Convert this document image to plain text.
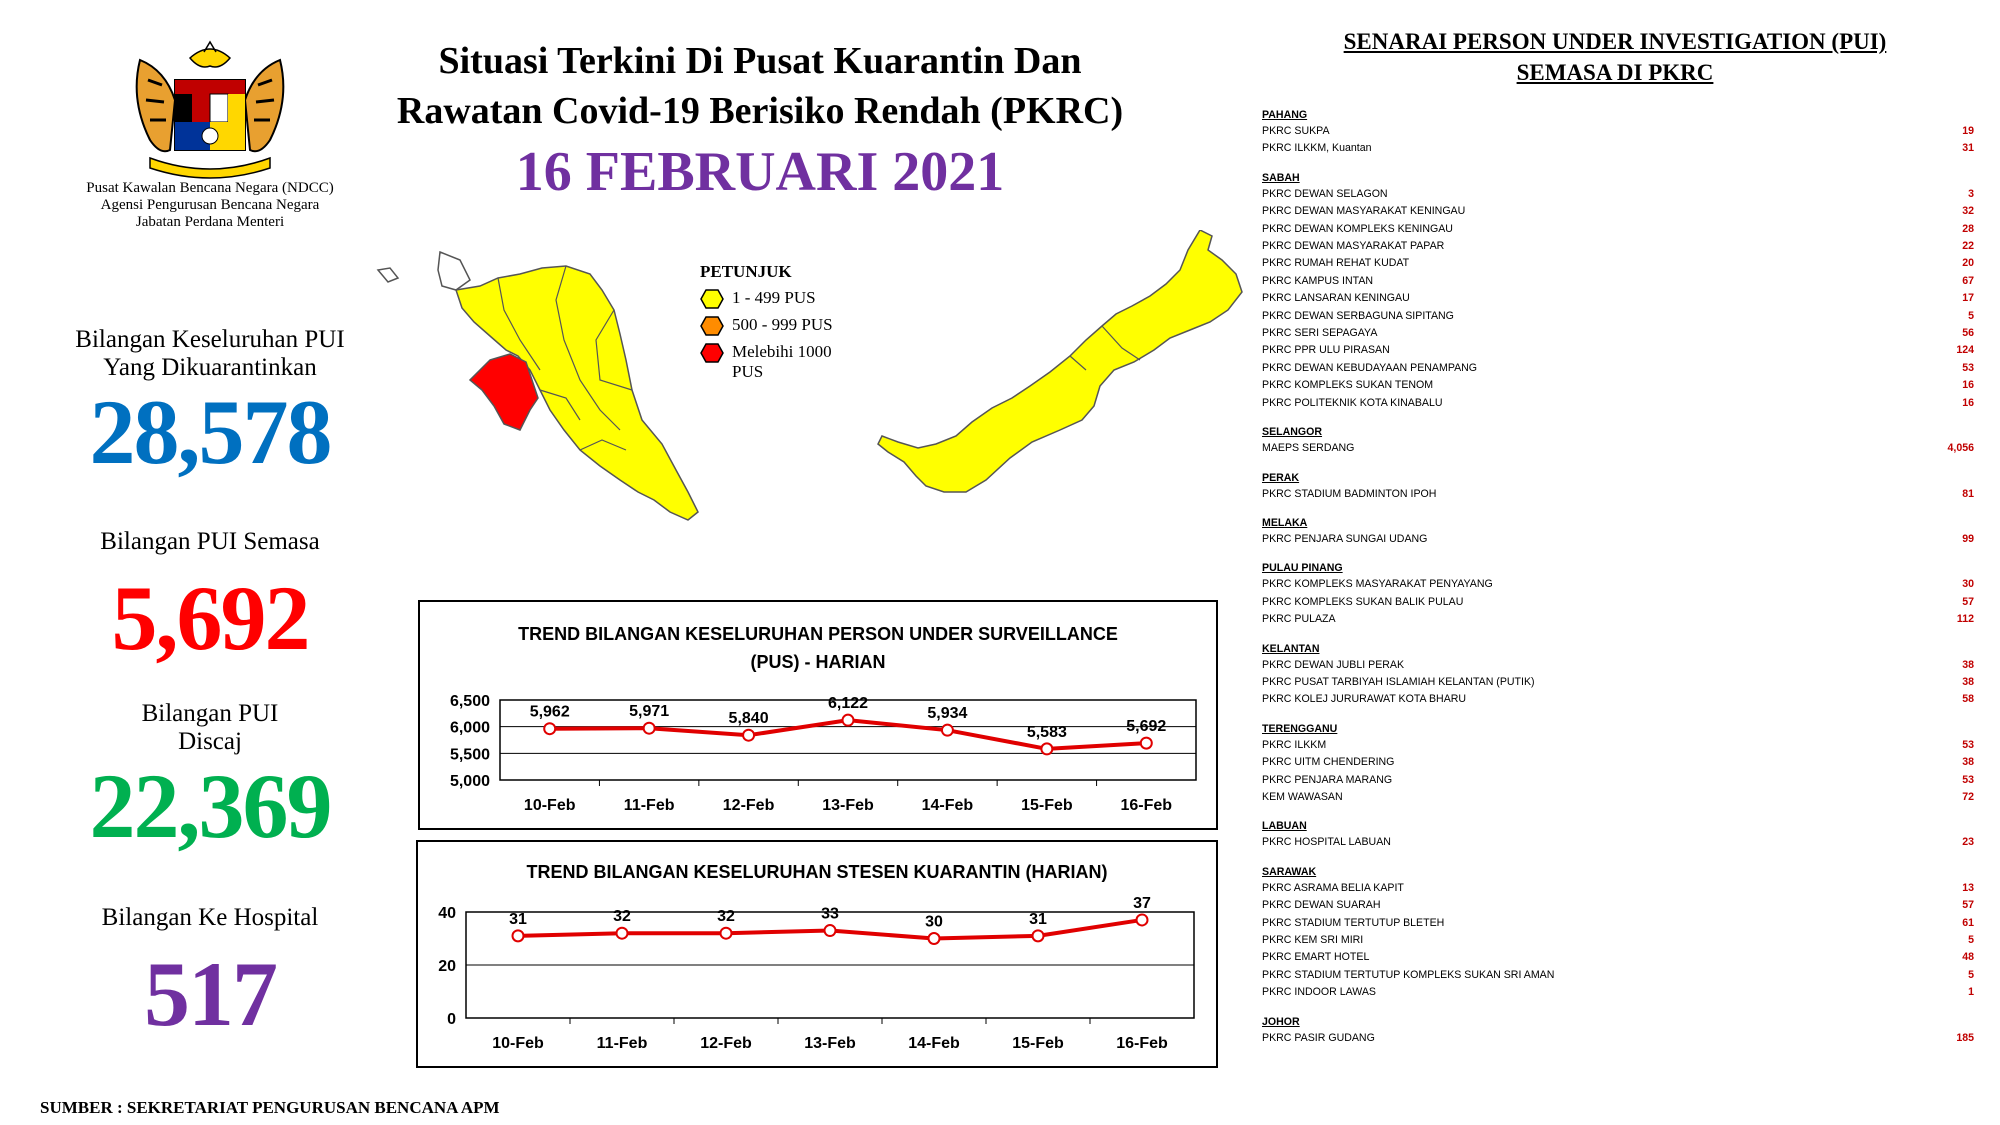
Pusat Kawalan Bencana Negara (NDCC)
Agensi Pengurusan Bencana Negara
Jabatan Perdana Menteri
Bilangan Keseluruhan PUI
Yang Dikuarantinkan
28,578
Bilangan PUI Semasa
5,692
Bilangan PUI
Discaj
22,369
Bilangan Ke Hospital
517
Situasi Terkini Di Pusat Kuarantin Dan
Rawatan Covid-19 Berisiko Rendah (PKRC)
16 FEBRUARI 2021
PETUNJUK
1 - 499 PUS
500 - 999 PUS
Melebihi 1000
PUS
TREND BILANGAN KESELURUHAN PERSON UNDER SURVEILLANCE
(PUS) - HARIAN
5,000
5,500
6,000
6,500
10-Feb	11-Feb	12-Feb	13-Feb	14-Feb	15-Feb	16-Feb
5,962	5,971	5,840
6,122
5,934
5,583	5,692
TREND BILANGAN KESELURUHAN STESEN KUARANTIN (HARIAN)
0
20
40
10-Feb	11-Feb	12-Feb	13-Feb	14-Feb	15-Feb	16-Feb
31	32	32	33	30	31
37
SENARAI PERSON UNDER INVESTIGATION (PUI)
SEMASA DI PKRC
PAHANG
PKRC SUKPA	19
PKRC ILKKM, Kuantan	31
SABAH
PKRC DEWAN SELAGON	3
PKRC DEWAN MASYARAKAT KENINGAU	32
PKRC DEWAN KOMPLEKS KENINGAU	28
PKRC DEWAN MASYARAKAT PAPAR	22
PKRC RUMAH REHAT KUDAT	20
PKRC KAMPUS INTAN	67
PKRC LANSARAN KENINGAU	17
PKRC DEWAN SERBAGUNA SIPITANG	5
PKRC SERI SEPAGAYA	56
PKRC PPR ULU PIRASAN	124
PKRC DEWAN KEBUDAYAAN PENAMPANG	53
PKRC KOMPLEKS SUKAN TENOM	16
PKRC POLITEKNIK KOTA KINABALU	16
SELANGOR
MAEPS SERDANG	4,056
PERAK
PKRC STADIUM BADMINTON IPOH	81
MELAKA
PKRC PENJARA SUNGAI UDANG	99
PULAU PINANG
PKRC KOMPLEKS MASYARAKAT PENYAYANG	30
PKRC KOMPLEKS SUKAN BALIK PULAU	57
PKRC PULAZA	112
KELANTAN
PKRC DEWAN JUBLI PERAK	38
PKRC PUSAT TARBIYAH ISLAMIAH KELANTAN (PUTIK)	38
PKRC KOLEJ JURURAWAT KOTA BHARU	58
TERENGGANU
PKRC ILKKM	53
PKRC UITM CHENDERING	38
PKRC PENJARA MARANG	53
KEM WAWASAN	72
LABUAN
PKRC HOSPITAL LABUAN	23
SARAWAK
PKRC ASRAMA BELIA KAPIT	13
PKRC DEWAN SUARAH	57
PKRC STADIUM TERTUTUP BLETEH	61
PKRC KEM SRI MIRI	5
PKRC EMART HOTEL	48
PKRC STADIUM TERTUTUP KOMPLEKS SUKAN SRI AMAN	5
PKRC INDOOR LAWAS	1
JOHOR
PKRC PASIR GUDANG	185
SUMBER : SEKRETARIAT PENGURUSAN BENCANA APM
